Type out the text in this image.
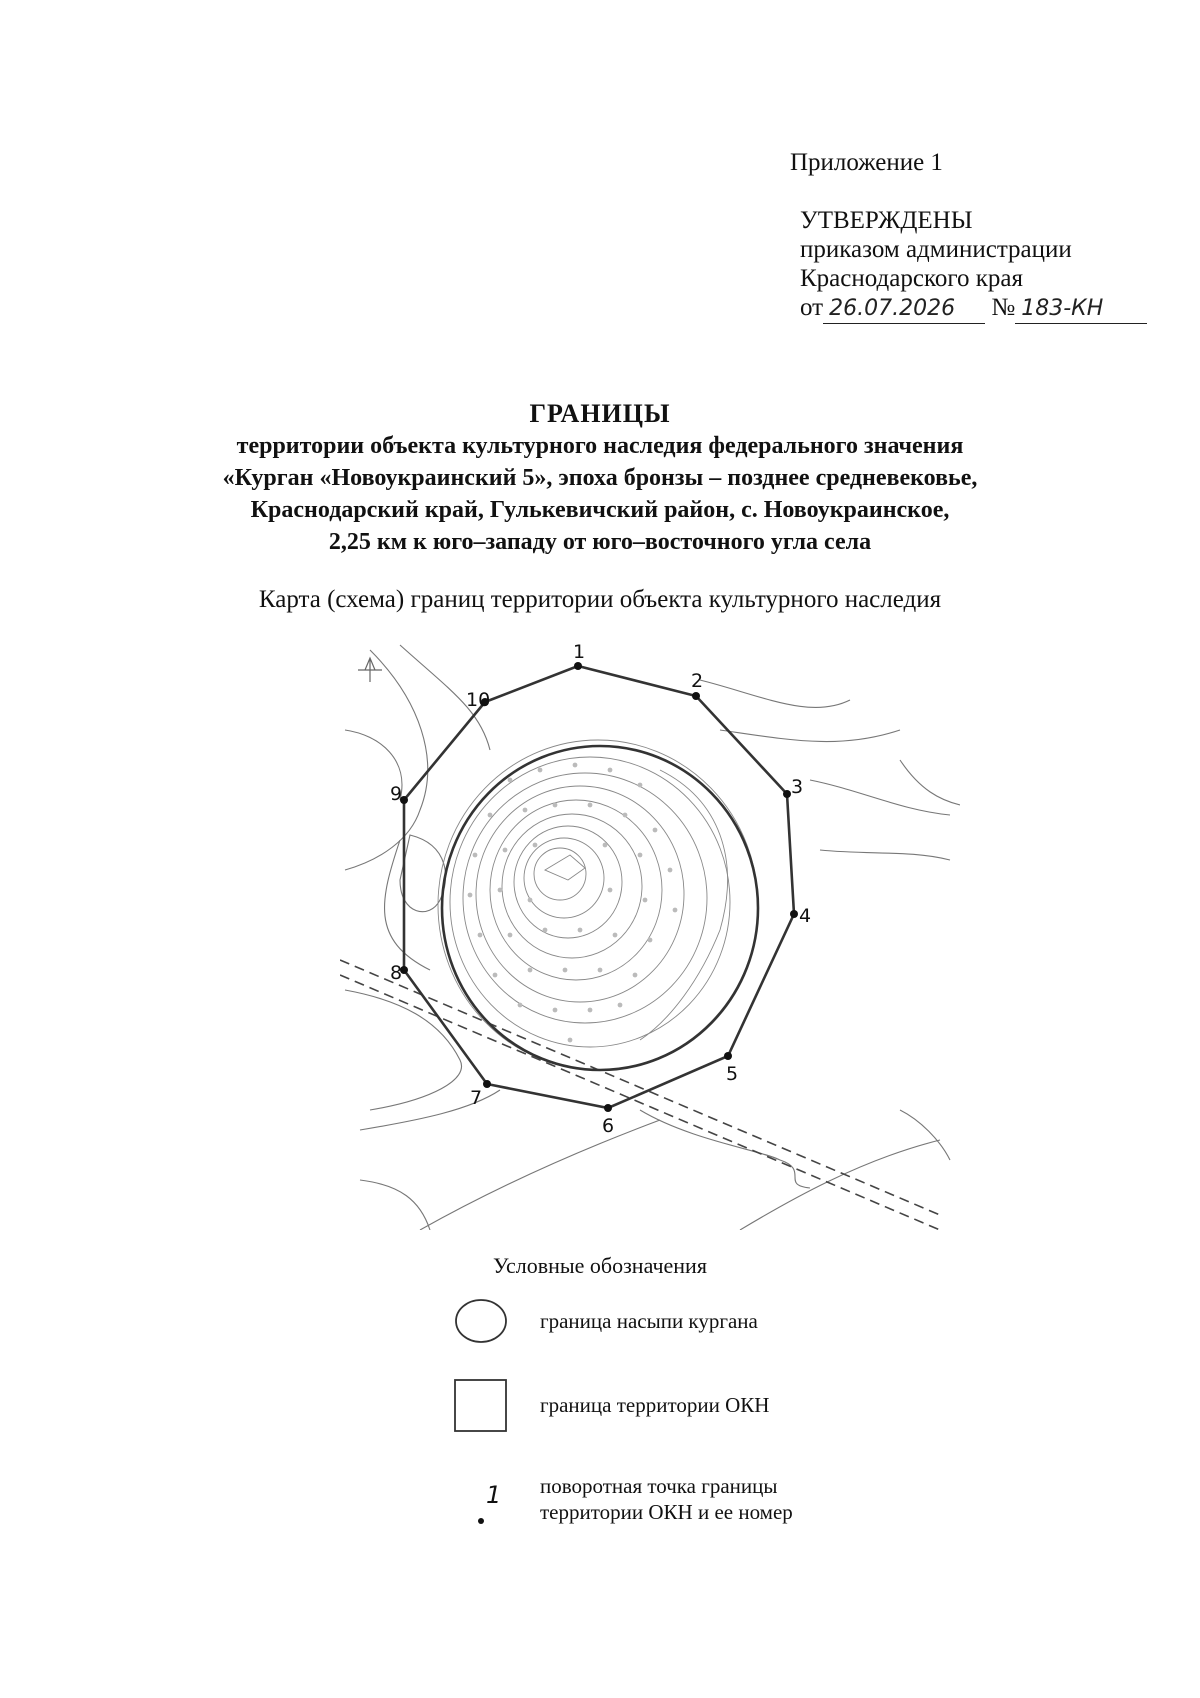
Приложение 1
УТВЕРЖДЕНЫ
приказом администрации
Краснодарского края
от 26.07.2026 № 183-КН
ГРАНИЦЫ
территории объекта культурного наследия федерального значения
«Курган «Новоукраинский 5», эпоха бронзы – позднее средневековье,
Краснодарский край, Гулькевичский район, с. Новоукраинское,
2,25 км к юго–западу от юго–восточного угла села
Карта (схема) границ территории объекта культурного наследия
1
2
3
4
5
6
7
8
9
10
Условные обозначения
граница насыпи кургана
граница территории ОКН
1 поворотная точка границы
территории ОКН и ее номер
